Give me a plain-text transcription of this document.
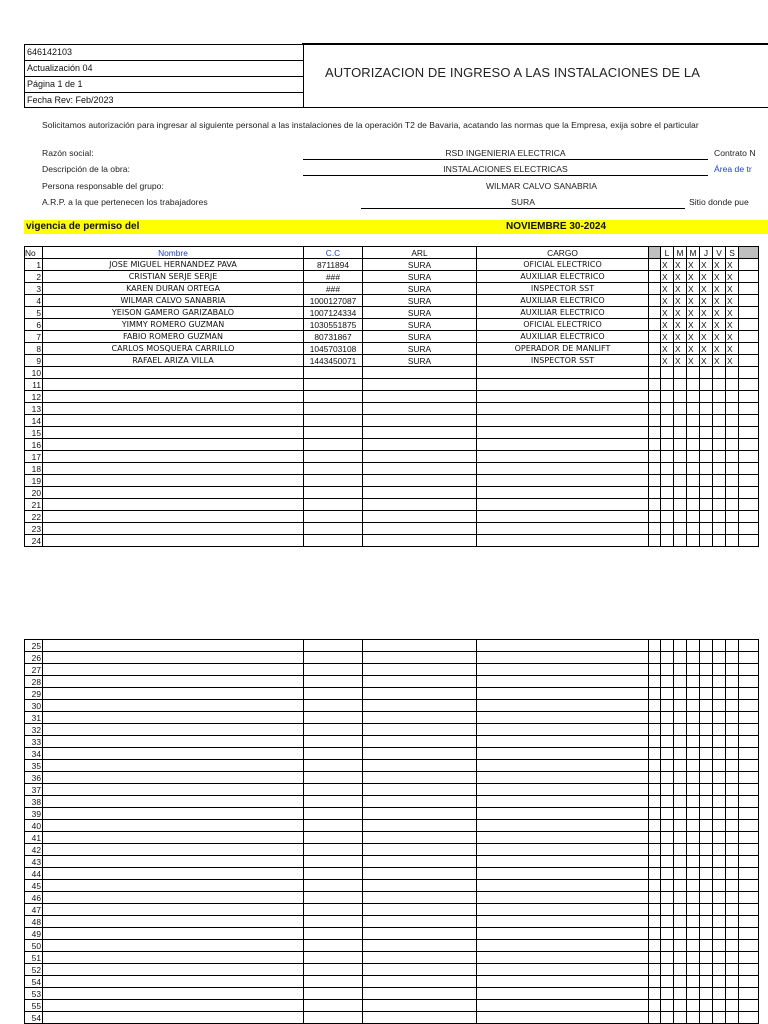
646142103
Actualización 04
Página 1 de 1
Fecha Rev: Feb/2023
AUTORIZACION DE INGRESO A LAS INSTALACIONES DE LA
Solicitamos autorización para ingresar al siguiente personal a las instalaciones de la operación T2 de Bavaria, acatando las normas que la Empresa, exija sobre el particular
Razón social:	RSD INGENIERIA ELECTRICA	Contrato N
Descripción de la obra:	INSTALACIONES ELECTRICAS	Área de tr
Persona responsable del grupo:	WILMAR CALVO SANABRIA
A.R.P. a la que pertenecen los trabajadores	SURA	Sitio donde pue
vigencia de permiso del	NOVIEMBRE 30-2024
No	Nombre	C.C	ARL	CARGO		L	M	M	J	V	S	
1	JOSE MIGUEL HERNANDEZ PAVA	8711894	SURA	OFICIAL ELECTRICO		X	X	X	X	X	X	
2	CRISTIAN SERJE SERJE	###	SURA	AUXILIAR ELECTRICO		X	X	X	X	X	X	
3	KAREN DURAN ORTEGA	###	SURA	INSPECTOR SST		X	X	X	X	X	X	
4	WILMAR CALVO SANABRIA	1000127087	SURA	AUXILIAR ELECTRICO		X	X	X	X	X	X	
5	YEISON GAMERO GARIZABALO	1007124334	SURA	AUXILIAR ELECTRICO		X	X	X	X	X	X	
6	YIMMY ROMERO GUZMAN	1030551875	SURA	OFICIAL ELECTRICO		X	X	X	X	X	X	
7	FABIO ROMERO GUZMAN	80731867	SURA	AUXILIAR ELECTRICO		X	X	X	X	X	X	
8	CARLOS MOSQUERA CARRILLO	1045703108	SURA	OPERADOR DE MANLIFT		X	X	X	X	X	X	
9	RAFAEL ARIZA VILLA	1443450071	SURA	INSPECTOR SST		X	X	X	X	X	X	
10												
11												
12												
13												
14												
15												
16												
17												
18												
19												
20												
21												
22												
23												
24												
25												
26												
27												
28												
29												
30												
31												
32												
33												
34												
35												
36												
37												
38												
39												
40												
41												
42												
43												
44												
45												
46												
47												
48												
49												
50												
51												
52												
54												
53												
55												
54												
